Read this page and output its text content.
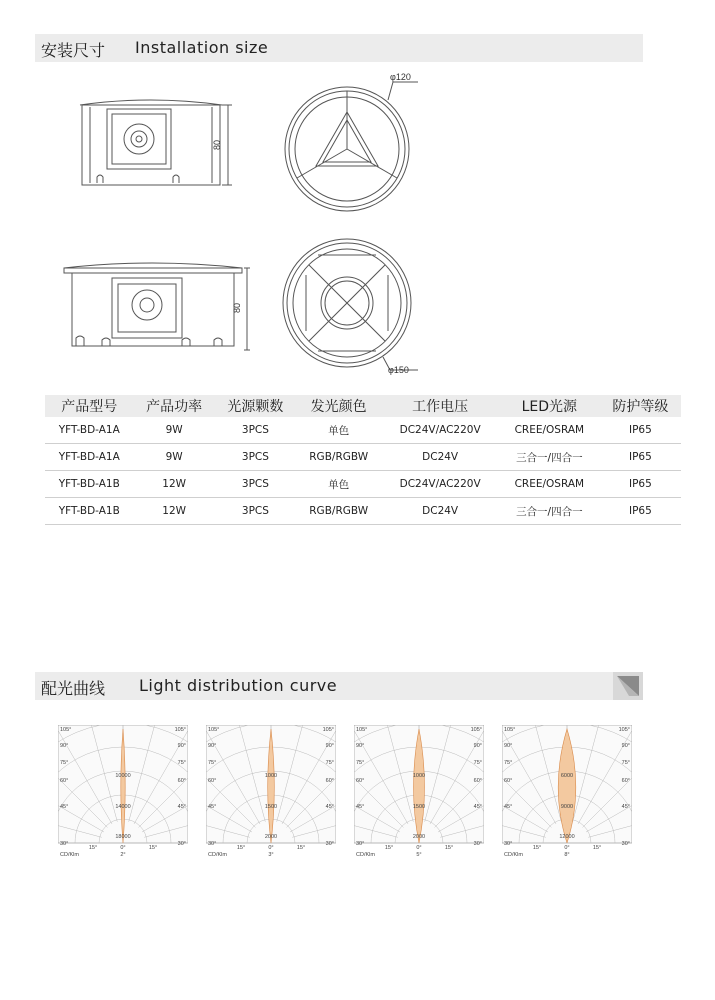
安装尺寸 Installation size
80
φ120
80
φ150
产品型号	产品功率	光源颗数	发光颜色	工作电压	LED光源	防护等级
YFT-BD-A1A	9W	3PCS	单色	DC24V/AC220V	CREE/OSRAM	IP65
YFT-BD-A1A	9W	3PCS	RGB/RGBW	DC24V	三合一/四合一	IP65
YFT-BD-A1B	12W	3PCS	单色	DC24V/AC220V	CREE/OSRAM	IP65
YFT-BD-A1B	12W	3PCS	RGB/RGBW	DC24V	三合一/四合一	IP65
配光曲线 Light distribution curve
105°	105°
90°	90°
75°	75°
60°	60°
45°	45°
30°	30°
15°	0°	15°
CD/Klm	2°
10000
14000
18000
105°	105°
90°	90°
75°	75°
60°	60°
45°	45°
30°	30°
15°	0°	15°
CD/Klm	3°
1000
1500
2000
105°	105°
90°	90°
75°	75°
60°	60°
45°	45°
30°	30°
15°	0°	15°
CD/Klm	5°
1000
1500
2000
105°	105°
90°	90°
75°	75°
60°	60°
45°	45°
30°	30°
15°	0°	15°
CD/Klm	8°
6000
9000
12000
